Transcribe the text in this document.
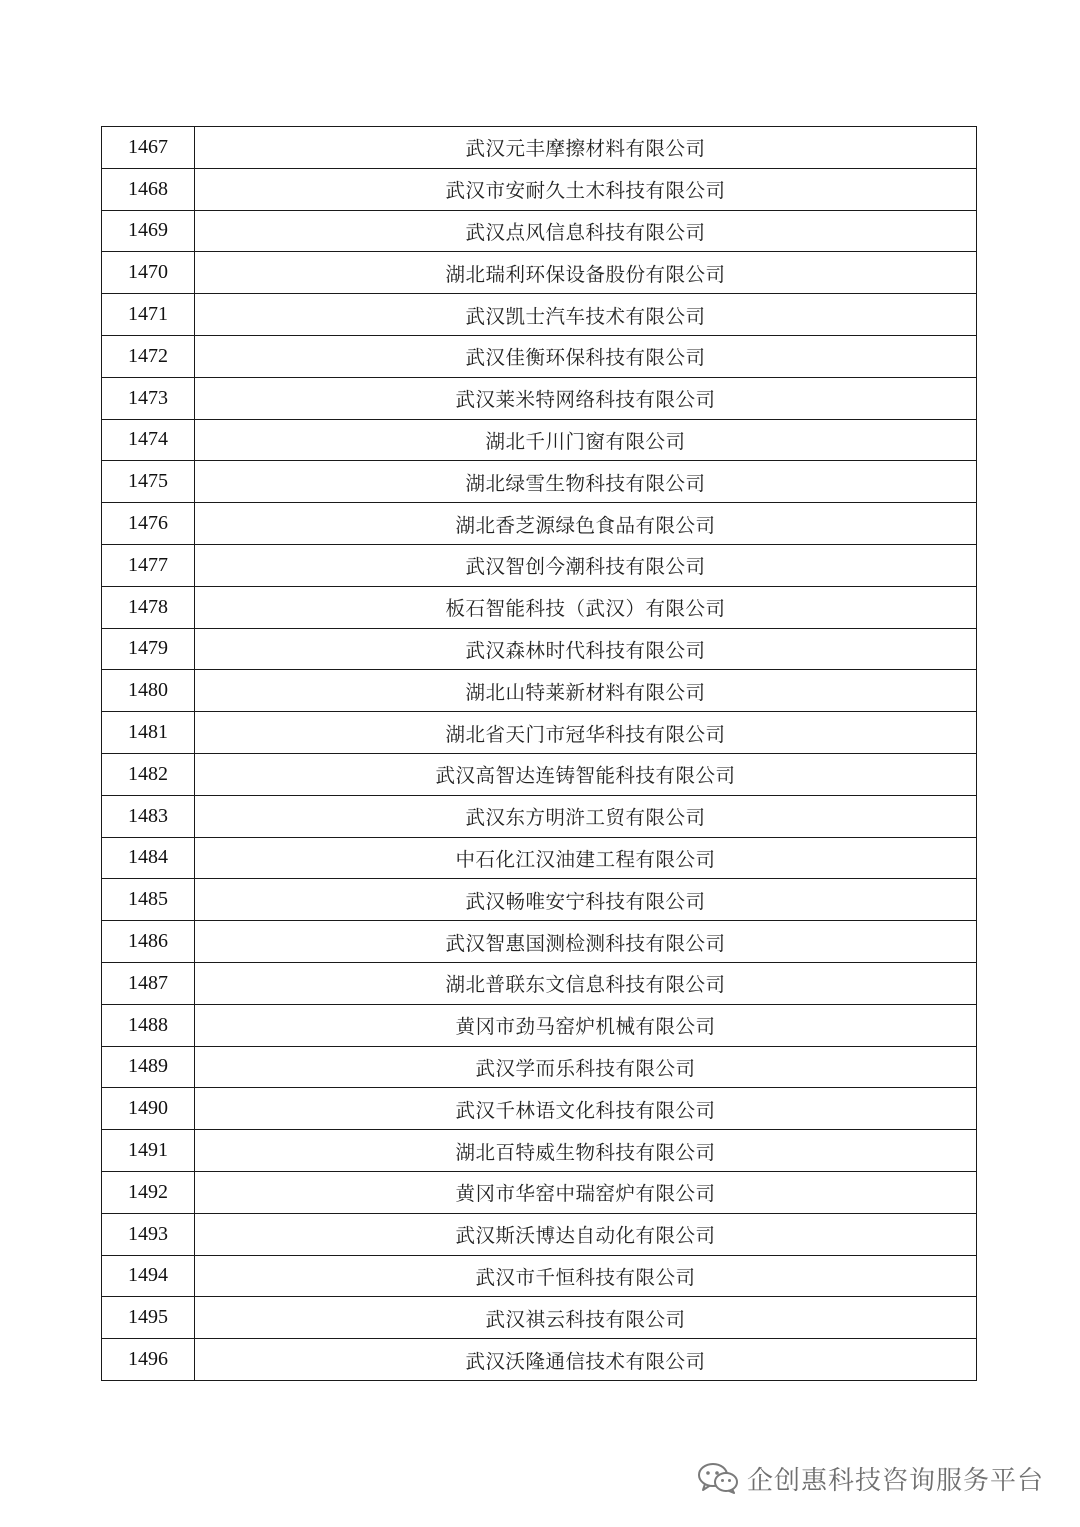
1467	武汉元丰摩擦材料有限公司
1468	武汉市安耐久土木科技有限公司
1469	武汉点风信息科技有限公司
1470	湖北瑞利环保设备股份有限公司
1471	武汉凯士汽车技术有限公司
1472	武汉佳衡环保科技有限公司
1473	武汉莱米特网络科技有限公司
1474	湖北千川门窗有限公司
1475	湖北绿雪生物科技有限公司
1476	湖北香芝源绿色食品有限公司
1477	武汉智创今潮科技有限公司
1478	板石智能科技（武汉）有限公司
1479	武汉森林时代科技有限公司
1480	湖北山特莱新材料有限公司
1481	湖北省天门市冠华科技有限公司
1482	武汉高智达连铸智能科技有限公司
1483	武汉东方明浒工贸有限公司
1484	中石化江汉油建工程有限公司
1485	武汉畅唯安宁科技有限公司
1486	武汉智惠国测检测科技有限公司
1487	湖北普联东文信息科技有限公司
1488	黄冈市劲马窑炉机械有限公司
1489	武汉学而乐科技有限公司
1490	武汉千林语文化科技有限公司
1491	湖北百特威生物科技有限公司
1492	黄冈市华窑中瑞窑炉有限公司
1493	武汉斯沃博达自动化有限公司
1494	武汉市千恒科技有限公司
1495	武汉祺云科技有限公司
1496	武汉沃隆通信技术有限公司
企创惠科技咨询服务平台
